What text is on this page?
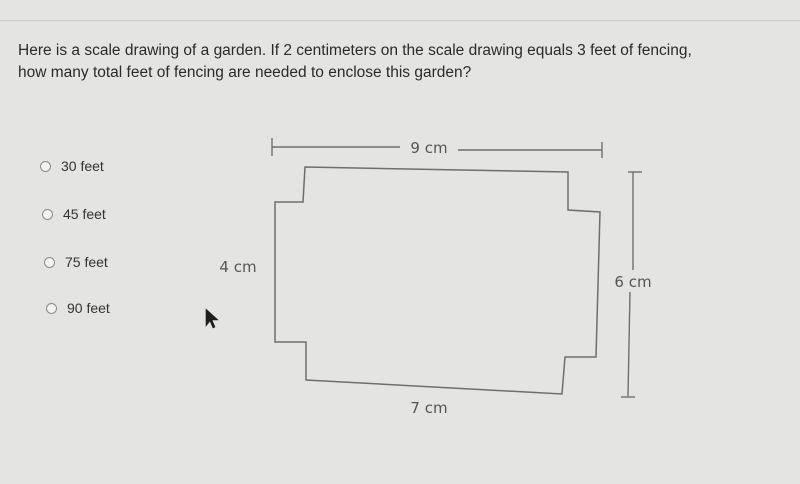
Here is a scale drawing of a garden. If 2 centimeters on the scale drawing equals 3 feet of fencing, how many total feet of fencing are needed to enclose this garden?

30 feet
45 feet
75 feet
90 feet
9 cm
6 cm
4 cm
7 cm
